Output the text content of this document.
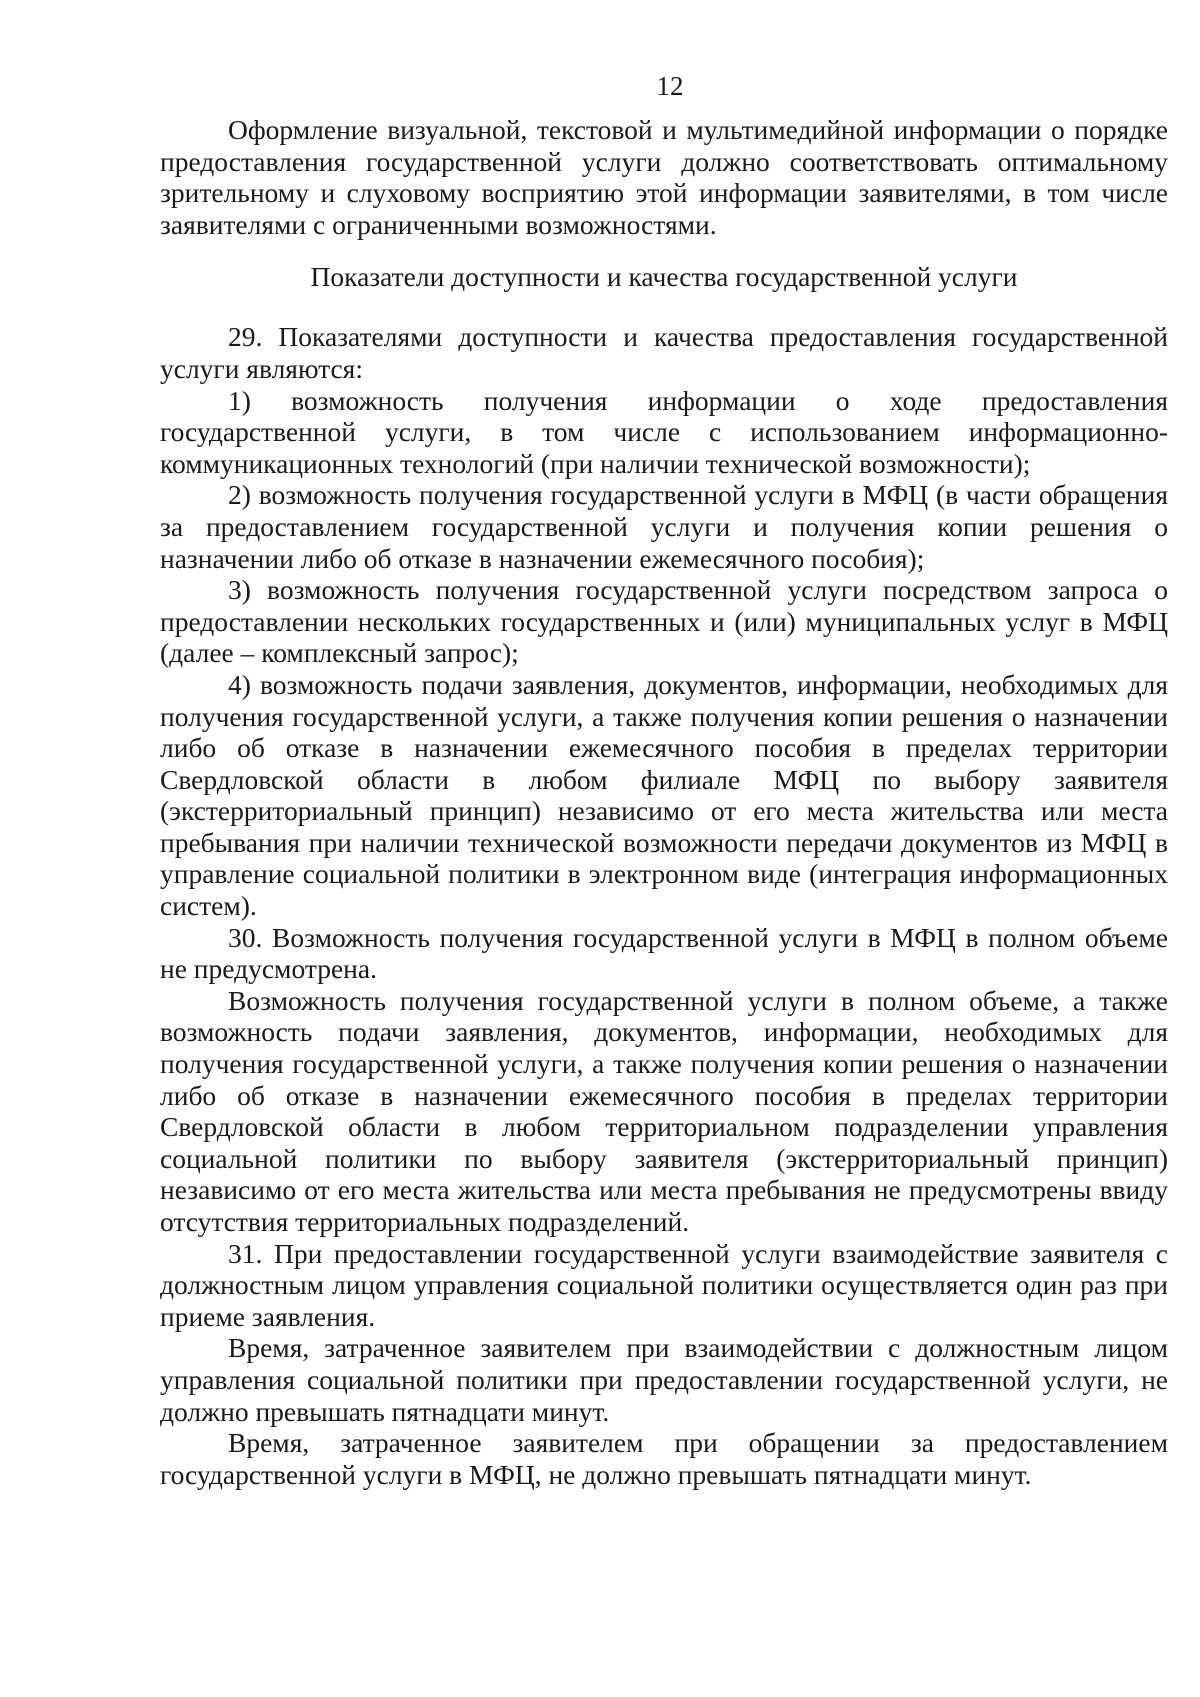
12

Оформление визуальной, текстовой и мультимедийной информации о порядке предоставления государственной услуги должно соответствовать оптимальному зрительному и слуховому восприятию этой информации заявителями, в том числе заявителями с ограниченными возможностями.

Показатели доступности и качества государственной услуги

29. Показателями доступности и качества предоставления государственной услуги являются:

1) возможность получения информации о ходе предоставления государственной услуги, в том числе с использованием информационно-коммуникационных технологий (при наличии технической возможности);

2) возможность получения государственной услуги в МФЦ (в части обращения за предоставлением государственной услуги и получения копии решения о назначении либо об отказе в назначении ежемесячного пособия);

3) возможность получения государственной услуги посредством запроса о предоставлении нескольких государственных и (или) муниципальных услуг в МФЦ (далее – комплексный запрос);

4) возможность подачи заявления, документов, информации, необходимых для получения государственной услуги, а также получения копии решения о назначении либо об отказе в назначении ежемесячного пособия в пределах территории Свердловской области в любом филиале МФЦ по выбору заявителя (экстерриториальный принцип) независимо от его места жительства или места пребывания при наличии технической возможности передачи документов из МФЦ в управление социальной политики в электронном виде (интеграция информационных систем).

30. Возможность получения государственной услуги в МФЦ в полном объеме не предусмотрена.

Возможность получения государственной услуги в полном объеме, а также возможность подачи заявления, документов, информации, необходимых для получения государственной услуги, а также получения копии решения о назначении либо об отказе в назначении ежемесячного пособия в пределах территории Свердловской области в любом территориальном подразделении управления социальной политики по выбору заявителя (экстерриториальный принцип) независимо от его места жительства или места пребывания не предусмотрены ввиду отсутствия территориальных подразделений.

31. При предоставлении государственной услуги взаимодействие заявителя с должностным лицом управления социальной политики осуществляется один раз при приеме заявления.

Время, затраченное заявителем при взаимодействии с должностным лицом управления социальной политики при предоставлении государственной услуги, не должно превышать пятнадцати минут.

Время, затраченное заявителем при обращении за предоставлением государственной услуги в МФЦ, не должно превышать пятнадцати минут.
